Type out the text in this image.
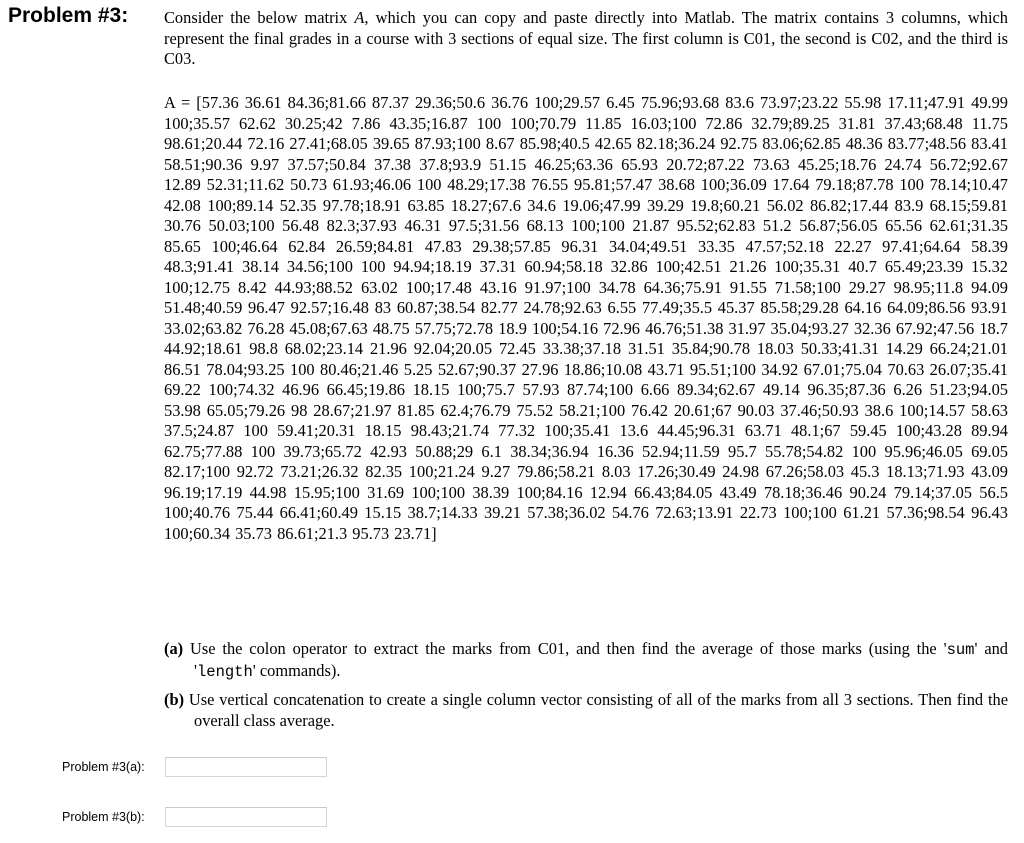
Problem #3: Consider the below matrix A, which you can copy and paste directly into Matlab. The matrix contains 3 columns, which represent the final grades in a course with 3 sections of equal size. The first column is C01, the second is C02, and the third is C03.
A = [57.36 36.61 84.36;81.66 87.37 29.36;50.6 36.76 100;29.57 6.45 75.96;93.68 83.6 73.97;23.22 55.98 17.11;47.91 49.99 100;35.57 62.62 30.25;42 7.86 43.35;16.87 100 100;70.79 11.85 16.03;100 72.86 32.79;89.25 31.81 37.43;68.48 11.75 98.61;20.44 72.16 27.41;68.05 39.65 87.93;100 8.67 85.98;40.5 42.65 82.18;36.24 92.75 83.06;62.85 48.36 83.77;48.56 83.41 58.51;90.36 9.97 37.57;50.84 37.38 37.8;93.9 51.15 46.25;63.36 65.93 20.72;87.22 73.63 45.25;18.76 24.74 56.72;92.67 12.89 52.31;11.62 50.73 61.93;46.06 100 48.29;17.38 76.55 95.81;57.47 38.68 100;36.09 17.64 79.18;87.78 100 78.14;10.47 42.08 100;89.14 52.35 97.78;18.91 63.85 18.27;67.6 34.6 19.06;47.99 39.29 19.8;60.21 56.02 86.82;17.44 83.9 68.15;59.81 30.76 50.03;100 56.48 82.3;37.93 46.31 97.5;31.56 68.13 100;100 21.87 95.52;62.83 51.2 56.87;56.05 65.56 62.61;31.35 85.65 100;46.64 62.84 26.59;84.81 47.83 29.38;57.85 96.31 34.04;49.51 33.35 47.57;52.18 22.27 97.41;64.64 58.39 48.3;91.41 38.14 34.56;100 100 94.94;18.19 37.31 60.94;58.18 32.86 100;42.51 21.26 100;35.31 40.7 65.49;23.39 15.32 100;12.75 8.42 44.93;88.52 63.02 100;17.48 43.16 91.97;100 34.78 64.36;75.91 91.55 71.58;100 29.27 98.95;11.8 94.09 51.48;40.59 96.47 92.57;16.48 83 60.87;38.54 82.77 24.78;92.63 6.55 77.49;35.5 45.37 85.58;29.28 64.16 64.09;86.56 93.91 33.02;63.82 76.28 45.08;67.63 48.75 57.75;72.78 18.9 100;54.16 72.96 46.76;51.38 31.97 35.04;93.27 32.36 67.92;47.56 18.7 44.92;18.61 98.8 68.02;23.14 21.96 92.04;20.05 72.45 33.38;37.18 31.51 35.84;90.78 18.03 50.33;41.31 14.29 66.24;21.01 86.51 78.04;93.25 100 80.46;21.46 5.25 52.67;90.37 27.96 18.86;10.08 43.71 95.51;100 34.92 67.01;75.04 70.63 26.07;35.41 69.22 100;74.32 46.96 66.45;19.86 18.15 100;75.7 57.93 87.74;100 6.66 89.34;62.67 49.14 96.35;87.36 6.26 51.23;94.05 53.98 65.05;79.26 98 28.67;21.97 81.85 62.4;76.79 75.52 58.21;100 76.42 20.61;67 90.03 37.46;50.93 38.6 100;14.57 58.63 37.5;24.87 100 59.41;20.31 18.15 98.43;21.74 77.32 100;35.41 13.6 44.45;96.31 63.71 48.1;67 59.45 100;43.28 89.94 62.75;77.88 100 39.73;65.72 42.93 50.88;29 6.1 38.34;36.94 16.36 52.94;11.59 95.7 55.78;54.82 100 95.96;46.05 69.05 82.17;100 92.72 73.21;26.32 82.35 100;21.24 9.27 79.86;58.21 8.03 17.26;30.49 24.98 67.26;58.03 45.3 18.13;71.93 43.09 96.19;17.19 44.98 15.95;100 31.69 100;100 38.39 100;84.16 12.94 66.43;84.05 43.49 78.18;36.46 90.24 79.14;37.05 56.5 100;40.76 75.44 66.41;60.49 15.15 38.7;14.33 39.21 57.38;36.02 54.76 72.63;13.91 22.73 100;100 61.21 57.36;98.54 96.43 100;60.34 35.73 86.61;21.3 95.73 23.71]
(a) Use the colon operator to extract the marks from C01, and then find the average of those marks (using the 'sum' and 'length' commands).
(b) Use vertical concatenation to create a single column vector consisting of all of the marks from all 3 sections. Then find the overall class average.
Problem #3(a):
Problem #3(b):
